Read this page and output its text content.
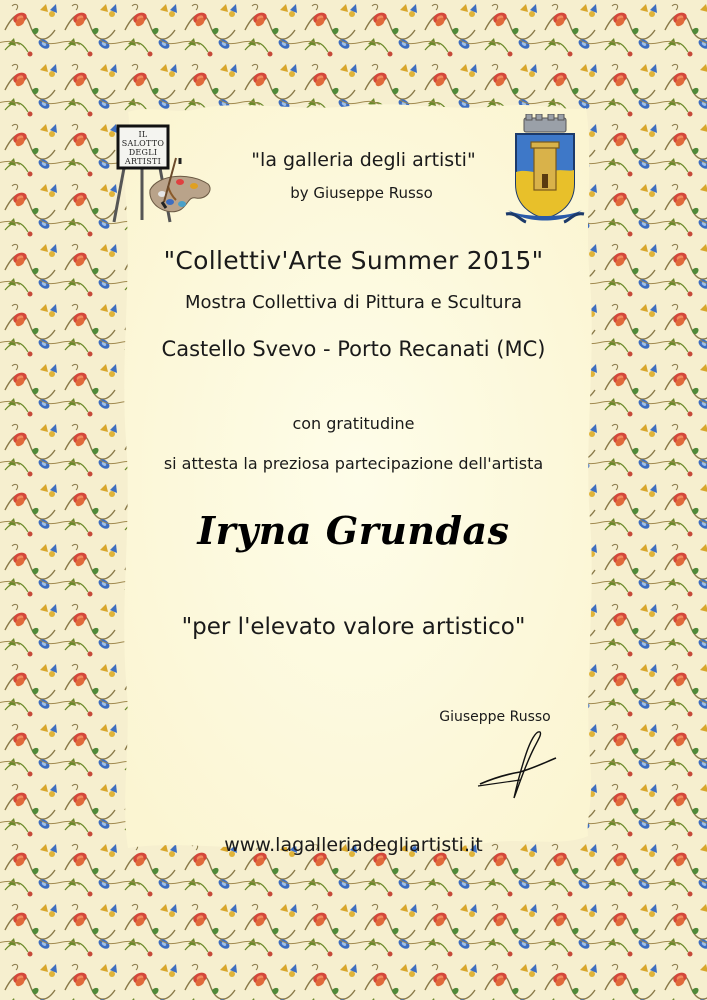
IL SALOTTO
DEGLI
ARTISTI	"la galleria degli artisti"
by Giuseppe Russo
"Collettiv'Arte Summer 2015"
Mostra Collettiva di Pittura e Scultura
Castello Svevo - Porto Recanati (MC)
con gratitudine
si attesta la preziosa partecipazione dell'artista
Iryna Grundas
"per l'elevato valore artistico"
Giuseppe Russo
www.lagalleriadegliartisti.it
